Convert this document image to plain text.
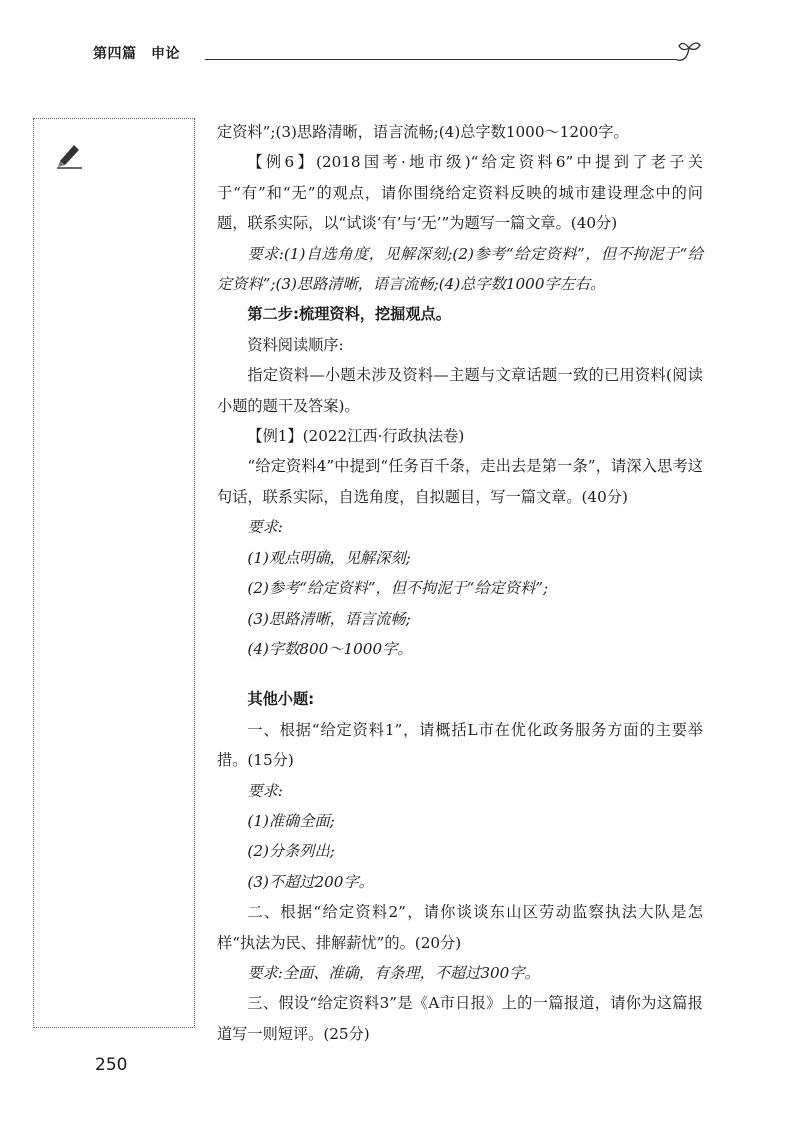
第四篇　申论

定资料”;(3)思路清晰，语言流畅;(4)总字数1000～1200字。

【例6】(2018国考·地市级)“给定资料6”中提到了老子关于“有”和“无”的观点，请你围绕给定资料反映的城市建设理念中的问题，联系实际，以“试谈‘有’与‘无’”为题写一篇文章。(40分)

要求:(1)自选角度，见解深刻;(2)参考“给定资料”，但不拘泥于“给定资料”;(3)思路清晰，语言流畅;(4)总字数1000字左右。

第二步:梳理资料，挖掘观点。

资料阅读顺序:

指定资料—小题未涉及资料—主题与文章话题一致的已用资料(阅读小题的题干及答案)。

【例1】(2022江西·行政执法卷)

“给定资料4”中提到“任务百千条，走出去是第一条”，请深入思考这句话，联系实际，自选角度，自拟题目，写一篇文章。(40分)

要求:

(1)观点明确，见解深刻;

(2)参考“给定资料”，但不拘泥于“给定资料”;

(3)思路清晰，语言流畅;

(4)字数800～1000字。

其他小题:

一、根据“给定资料1”，请概括L市在优化政务服务方面的主要举措。(15分)

要求:

(1)准确全面;

(2)分条列出;

(3)不超过200字。

二、根据“给定资料2”，请你谈谈东山区劳动监察执法大队是怎样“执法为民、排解薪忧”的。(20分)

要求:全面、准确，有条理，不超过300字。

三、假设“给定资料3”是《A市日报》上的一篇报道，请你为这篇报道写一则短评。(25分)

250
